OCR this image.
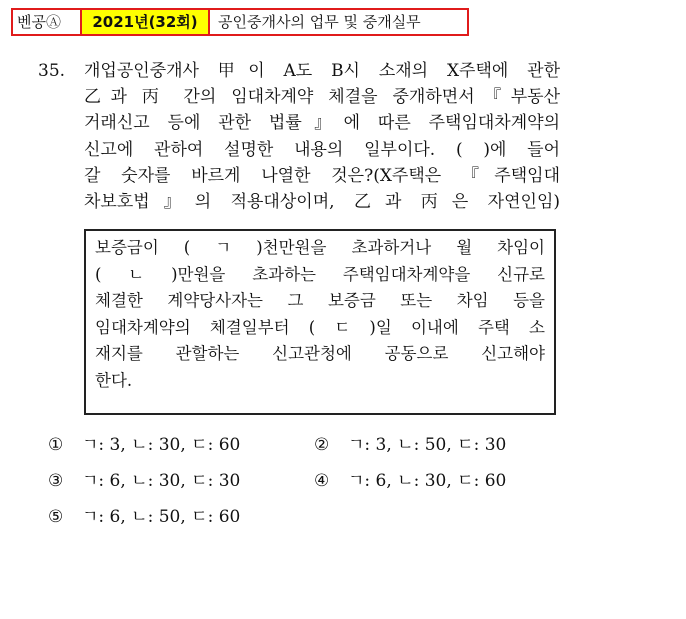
벤공Ⓐ	2021년(32회)	공인중개사의 업무 및 중개실무
35. 개업공인중개사 甲이 A도 B시 소재의 X주택에 관한
乙과 丙 간의 임대차계약 체결을 중개하면서『부동산
거래신고 등에 관한 법률』에 따른 주택임대차계약의
신고에 관하여 설명한 내용의 일부이다. ( )에 들어
갈 숫자를 바르게 나열한 것은?(X주택은 『주택임대
차보호법』의 적용대상이며, 乙과 丙은 자연인임)
보증금이 ( ㄱ )천만원을 초과하거나 월 차임이
( ㄴ )만원을 초과하는 주택임대차계약을 신규로
체결한 계약당사자는 그 보증금 또는 차임 등을
임대차계약의 체결일부터 ( ㄷ )일 이내에 주택 소
재지를 관할하는 신고관청에 공동으로 신고해야
한다.
① ㄱ: 3, ㄴ: 30, ㄷ: 60	② ㄱ: 3, ㄴ: 50, ㄷ: 30
③ ㄱ: 6, ㄴ: 30, ㄷ: 30	④ ㄱ: 6, ㄴ: 30, ㄷ: 60
⑤ ㄱ: 6, ㄴ: 50, ㄷ: 60
